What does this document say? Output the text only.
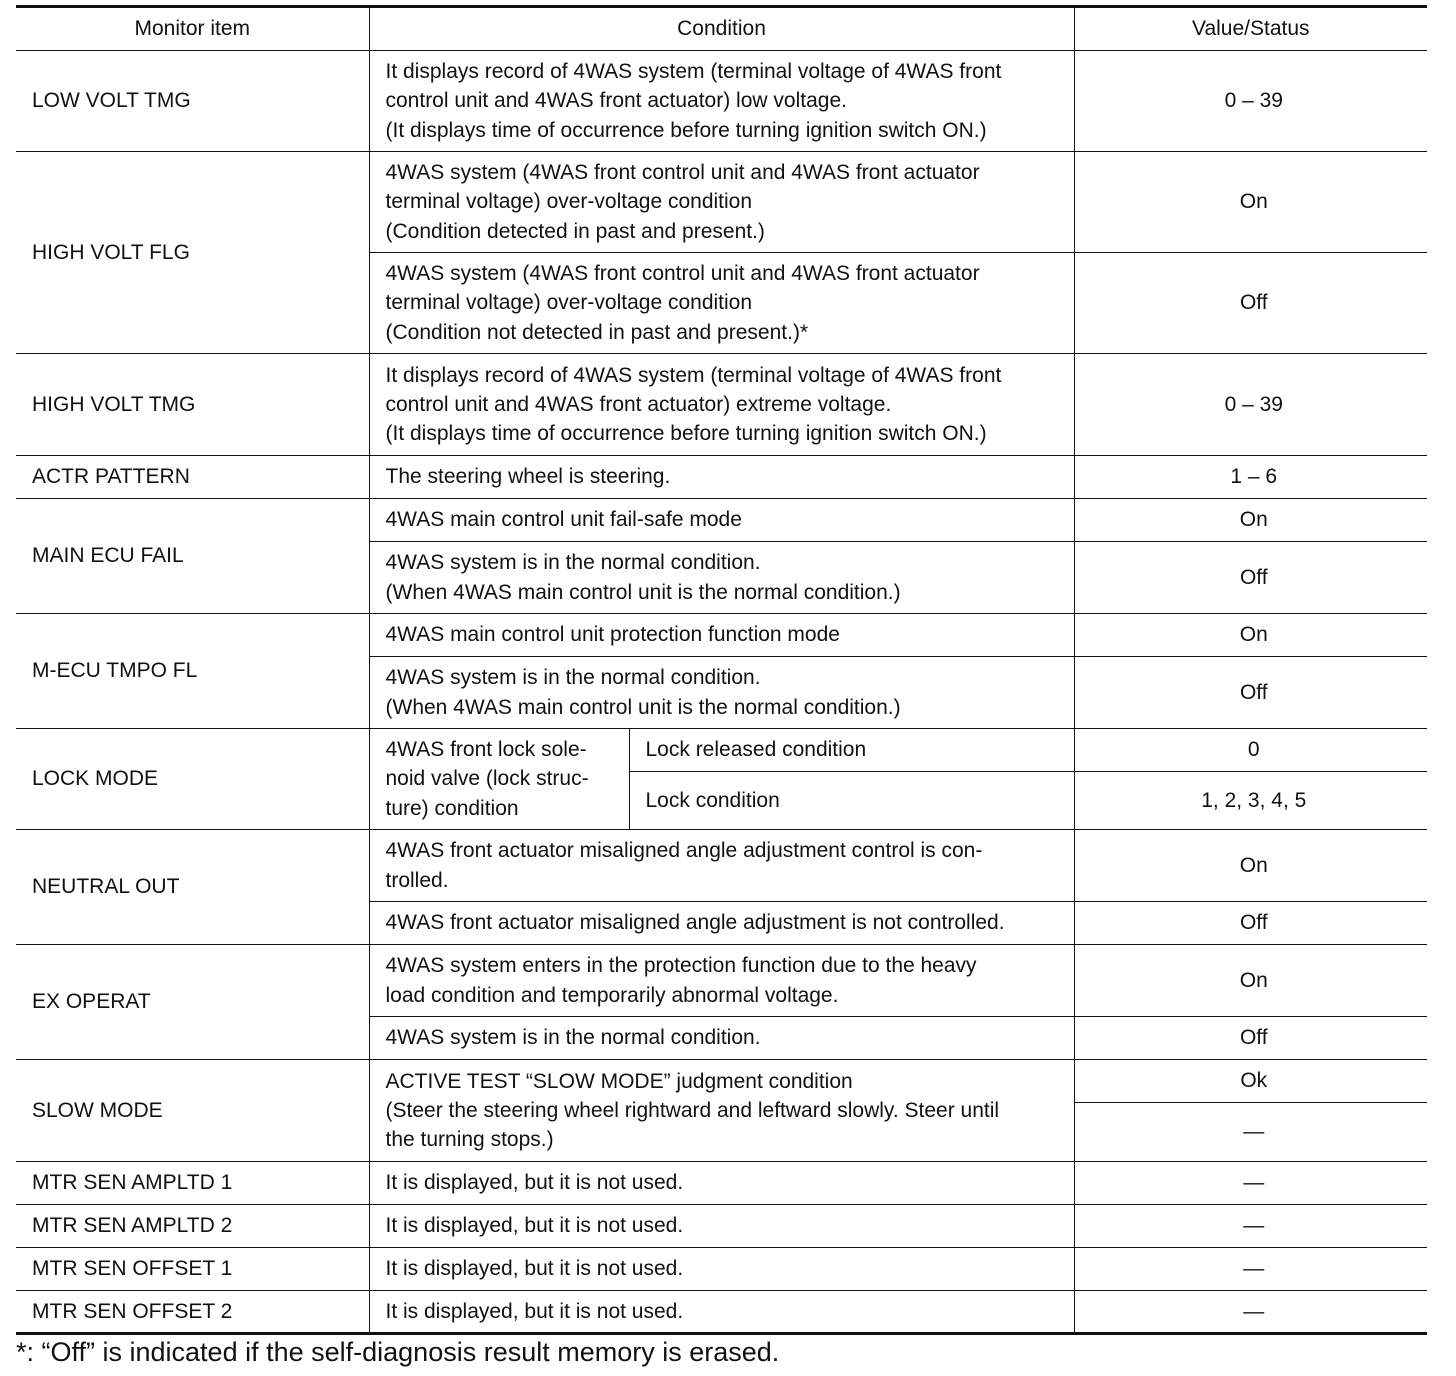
Monitor item	Condition		Value/Status
LOW VOLT TMG	It displays record of 4WAS system (terminal voltage of 4WAS front
control unit and 4WAS front actuator) low voltage.
(It displays time of occurrence before turning ignition switch ON.)		0 – 39
HIGH VOLT FLG	4WAS system (4WAS front control unit and 4WAS front actuator
terminal voltage) over-voltage condition
(Condition detected in past and present.)		On
	4WAS system (4WAS front control unit and 4WAS front actuator
terminal voltage) over-voltage condition
(Condition not detected in past and present.)*		Off
HIGH VOLT TMG	It displays record of 4WAS system (terminal voltage of 4WAS front
control unit and 4WAS front actuator) extreme voltage.
(It displays time of occurrence before turning ignition switch ON.)		0 – 39
ACTR PATTERN	The steering wheel is steering.		1 – 6
MAIN ECU FAIL	4WAS main control unit fail-safe mode		On
	4WAS system is in the normal condition.
(When 4WAS main control unit is the normal condition.)		Off
M-ECU TMPO FL	4WAS main control unit protection function mode		On
	4WAS system is in the normal condition.
(When 4WAS main control unit is the normal condition.)		Off
LOCK MODE	4WAS front lock sole-
noid valve (lock struc-
ture) condition	Lock released condition	0
		Lock condition	1, 2, 3, 4, 5
NEUTRAL OUT	4WAS front actuator misaligned angle adjustment control is con-
trolled.		On
	4WAS front actuator misaligned angle adjustment is not controlled.		Off
EX OPERAT	4WAS system enters in the protection function due to the heavy
load condition and temporarily abnormal voltage.		On
	4WAS system is in the normal condition.		Off
SLOW MODE	ACTIVE TEST “SLOW MODE” judgment condition
(Steer the steering wheel rightward and leftward slowly. Steer until
the turning stops.)		Ok
			—
MTR SEN AMPLTD 1	It is displayed, but it is not used.		—
MTR SEN AMPLTD 2	It is displayed, but it is not used.		—
MTR SEN OFFSET 1	It is displayed, but it is not used.		—
MTR SEN OFFSET 2	It is displayed, but it is not used.		—
*: “Off” is indicated if the self-diagnosis result memory is erased.
